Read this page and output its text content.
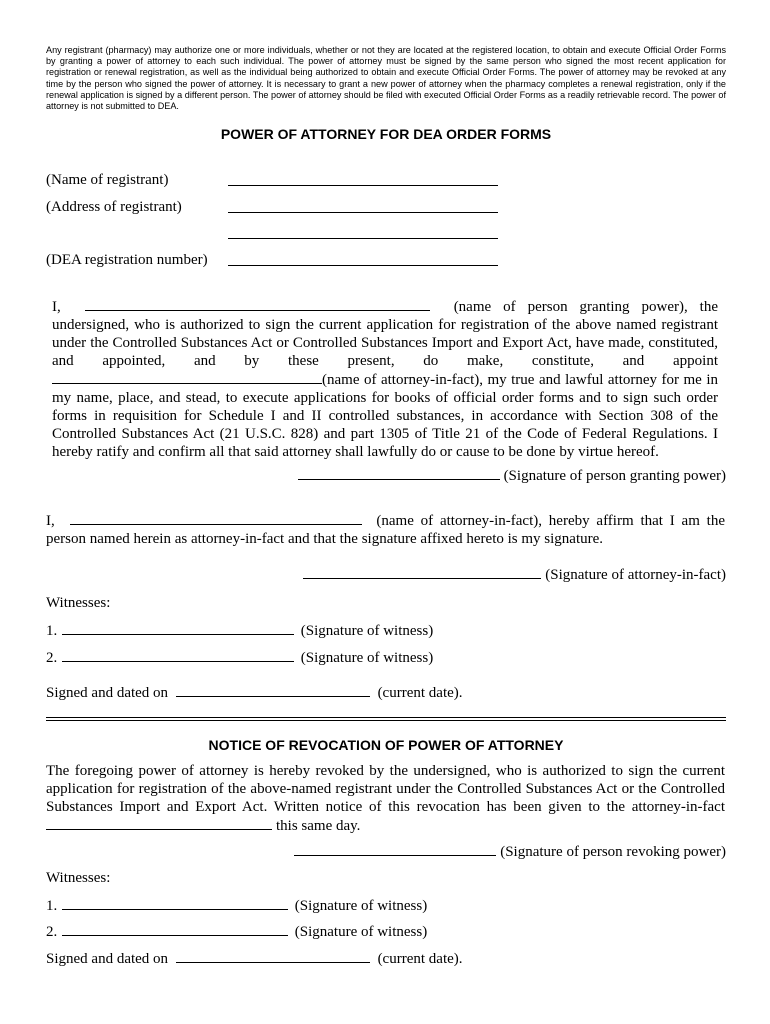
Any registrant (pharmacy) may authorize one or more individuals, whether or not they are located at the registered location, to obtain and execute Official Order Forms by granting a power of attorney to each such individual. The power of attorney must be signed by the same person who signed the most recent application for registration or renewal registration, as well as the individual being authorized to obtain and execute Official Order Forms. The power of attorney may be revoked at any time by the person who signed the power of attorney. It is necessary to grant a new power of attorney when the pharmacy completes a renewal registration, only if the renewal application is signed by a different person. The power of attorney should be filed with executed Official Order Forms as a readily retrievable record. The power of attorney is not submitted to DEA.
POWER OF ATTORNEY FOR DEA ORDER FORMS
(Name of registrant)
(Address of registrant)
(DEA registration number)
I,	(name of person granting power), the undersigned, who is authorized to sign the current application for registration of the above named registrant under the Controlled Substances Act or Controlled Substances Import and Export Act, have made, constituted, and appointed, and by these present, do make, constitute, and appoint (name of attorney-in-fact), my true and lawful attorney for me in my name, place, and stead, to execute applications for books of official order forms and to sign such order forms in requisition for Schedule I and II controlled substances, in accordance with Section 308 of the Controlled Substances Act (21 U.S.C. 828) and part 1305 of Title 21 of the Code of Federal Regulations. I hereby ratify and confirm all that said attorney shall lawfully do or cause to be done by virtue hereof.
(Signature of person granting power)
I,	(name of attorney-in-fact), hereby affirm that I am the person named herein as attorney-in-fact and that the signature affixed hereto is my signature.
(Signature of attorney-in-fact)
Witnesses:
1.	(Signature of witness)
2.	(Signature of witness)
Signed and dated on	(current date).
NOTICE OF REVOCATION OF POWER OF ATTORNEY
The foregoing power of attorney is hereby revoked by the undersigned, who is authorized to sign the current application for registration of the above-named registrant under the Controlled Substances Act or the Controlled Substances Import and Export Act. Written notice of this revocation has been given to the attorney-in-fact this same day.
(Signature of person revoking power)
Witnesses:
1.	(Signature of witness)
2.	(Signature of witness)
Signed and dated on	(current date).
